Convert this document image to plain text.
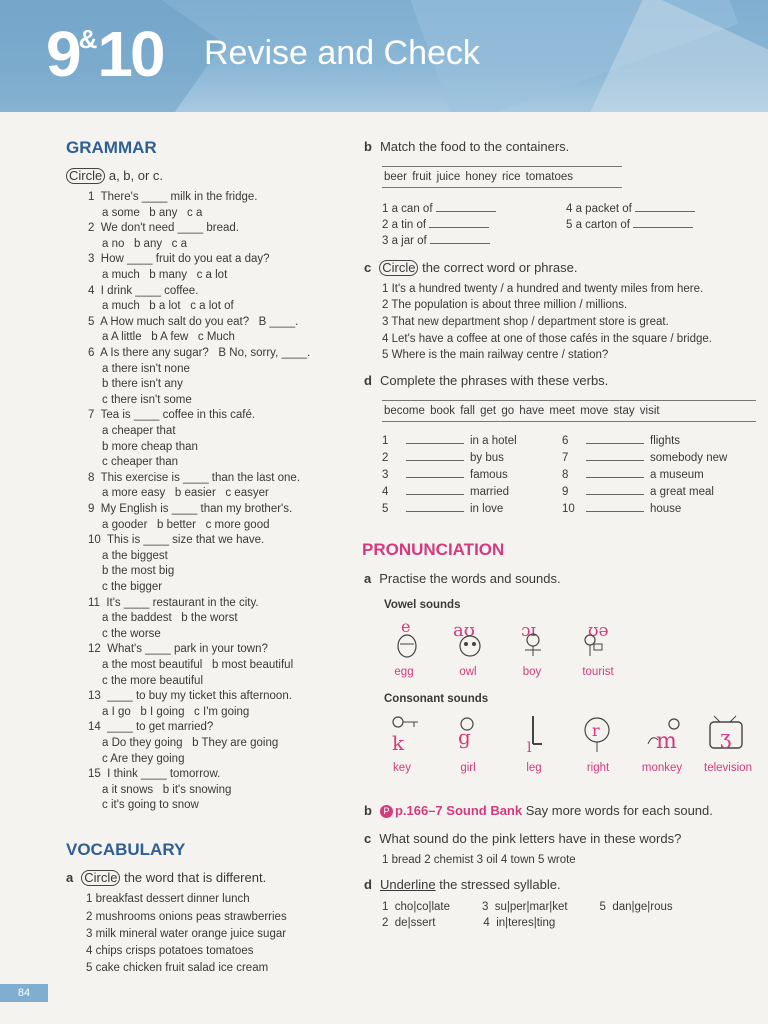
9&10 Revise and Check
GRAMMAR
Circle a, b, or c.
1  There's ____ milk in the fridge.
a some   b any   c a
2  We don't need ____ bread.
a no   b any   c a
3  How ____ fruit do you eat a day?
a much   b many   c a lot
4  I drink ____ coffee.
a much   b a lot   c a lot of
5  A How much salt do you eat?   B ____.
a A little   b A few   c Much
6  A Is there any sugar?   B No, sorry, ____.
a there isn't none
b there isn't any
c there isn't some
7  Tea is ____ coffee in this café.
a cheaper that
b more cheap than
c cheaper than
8  This exercise is ____ than the last one.
a more easy   b easier   c easyer
9  My English is ____ than my brother's.
a gooder   b better   c more good
10  This is ____ size that we have.
a the biggest
b the most big
c the bigger
11  It's ____ restaurant in the city.
a the baddest   b the worst
c the worse
12  What's ____ park in your town?
a the most beautiful   b most beautiful
c the more beautiful
13  ____ to buy my ticket this afternoon.
a I go   b I going   c I'm going
14  ____ to get married?
a Do they going   b They are going
c Are they going
15  I think ____ tomorrow.
a it snows   b it's snowing
c it's going to snow
VOCABULARY
a Circle the word that is different.
1 breakfast dessert dinner lunch
2 mushrooms onions peas strawberries
3 milk mineral water orange juice sugar
4 chips crisps potatoes tomatoes
5 cake chicken fruit salad ice cream
b Match the food to the containers.
beer fruit juice honey rice tomatoes
1 a can of
2 a tin of
3 a jar of
4 a packet of
5 a carton of
c Circle the correct word or phrase.
1 It's a hundred twenty / a hundred and twenty miles from here.
2 The population is about three million / millions.
3 That new department shop / department store is great.
4 Let's have a coffee at one of those cafés in the square / bridge.
5 Where is the main railway centre / station?
d Complete the phrases with these verbs.
become book fall get go have meet move stay visit
1	in a hotel
2	by bus
3	famous
4	married
5	in love
6	flights
7	somebody new
8	a museum
9	a great meal
10	house
PRONUNCIATION
a Practise the words and sounds.
Vowel sounds
e aʊ	ɔɪ	ʊə
egg	owl	boy	tourist
Consonant sounds
k	g	l
r	m ʒ
key	girl	leg	right	monkey	television
b P p.166–7 Sound Bank Say more words for each sound.
c What sound do the pink letters have in these words?
1 bread 2 chemist 3 oil 4 town 5 wrote
d Underline the stressed syllable.
1  cho|co|late          3  su|per|mar|ket          5  dan|ge|rous
2  de|ssert               4  in|teres|ting
84
